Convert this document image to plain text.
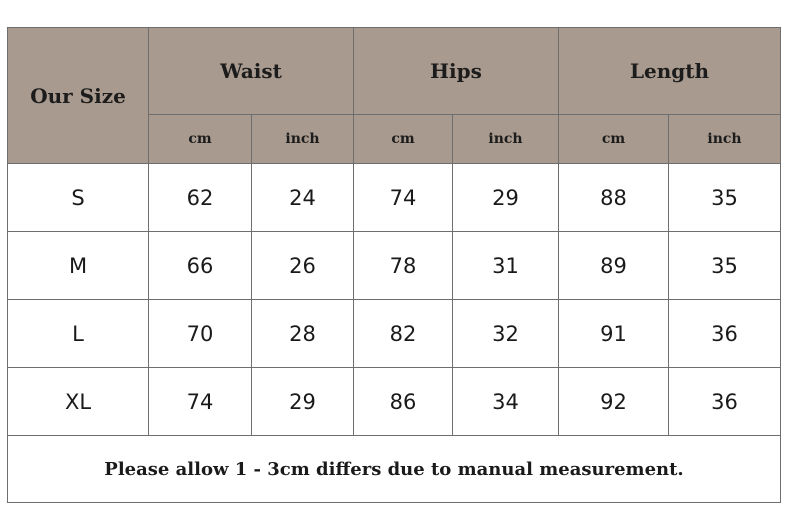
Our Size	Waist		Hips		Length	
	cm	inch	cm	inch	cm	inch
S	62	24	74	29	88	35
M	66	26	78	31	89	35
L	70	28	82	32	91	36
XL	74	29	86	34	92	36
Please allow 1 - 3cm differs due to manual measurement.						
